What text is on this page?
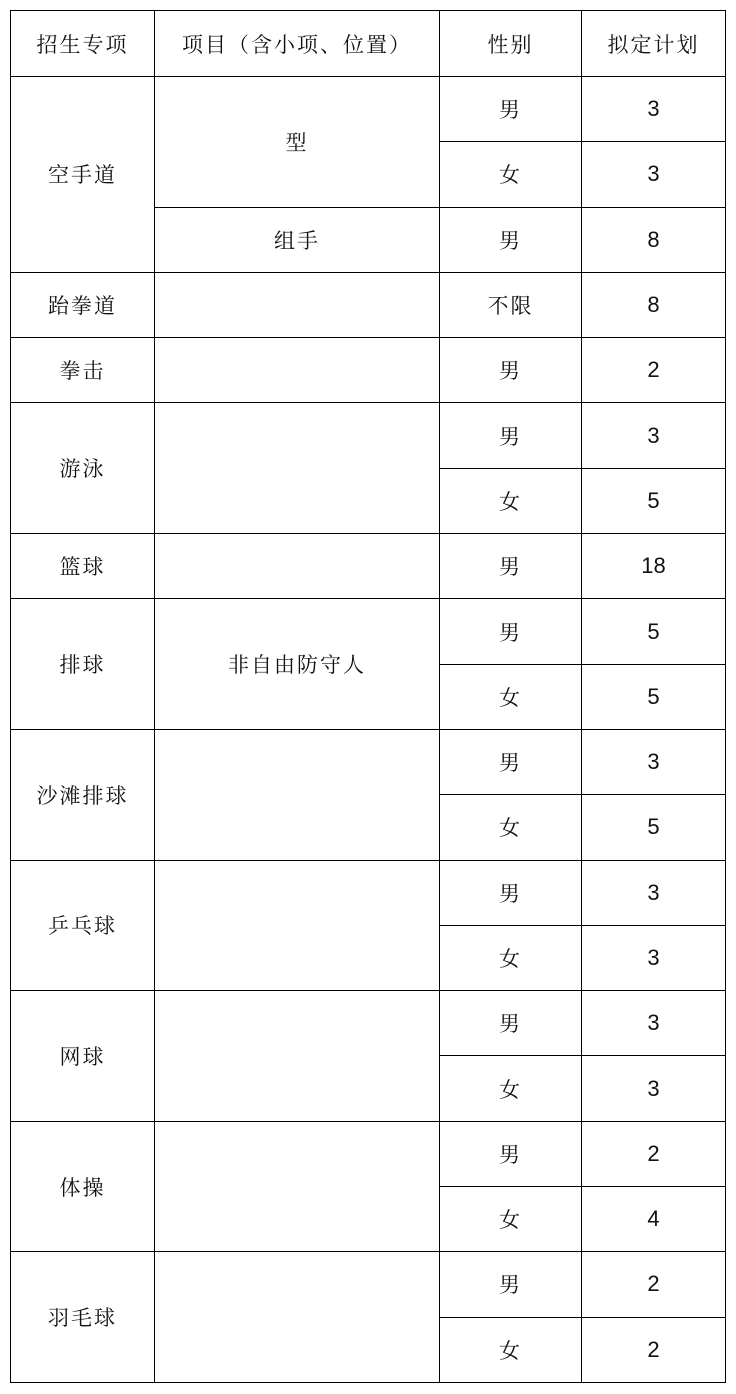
招生专项	项目（含小项、位置）	性别	拟定计划
空手道	型	男	3
		女	3
	组手	男	8
跆拳道		不限	8
拳击		男	2
游泳		男	3
		女	5
篮球		男	18
排球	非自由防守人	男	5
		女	5
沙滩排球		男	3
		女	5
乒乓球		男	3
		女	3
网球		男	3
		女	3
体操		男	2
		女	4
羽毛球		男	2
		女	2
